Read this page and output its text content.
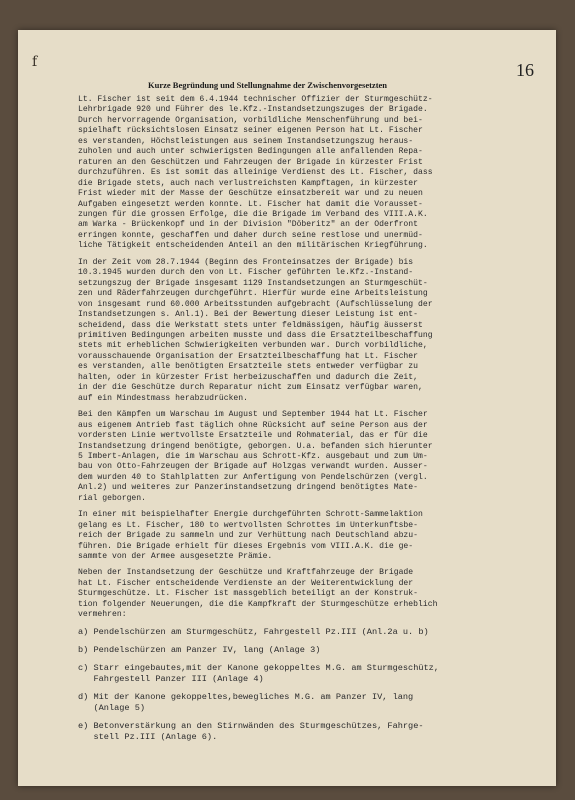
f	16
Kurze Begründung und Stellungnahme der Zwischenvorgesetzten
Lt. Fischer ist seit dem 6.4.1944 technischer Offizier der Sturmgeschütz-
Lehrbrigade 920 und Führer des le.Kfz.-Instandsetzungszuges der Brigade.
Durch hervorragende Organisation, vorbildliche Menschenführung und bei-
spielhaft rücksichtslosen Einsatz seiner eigenen Person hat Lt. Fischer
es verstanden, Höchstleistungen aus seinem Instandsetzungszug heraus-
zuholen und auch unter schwierigsten Bedingungen alle anfallenden Repa-
raturen an den Geschützen und Fahrzeugen der Brigade in kürzester Frist
durchzuführen. Es ist somit das alleinige Verdienst des Lt. Fischer, dass
die Brigade stets, auch nach verlustreichsten Kampftagen, in kürzester
Frist wieder mit der Masse der Geschütze einsatzbereit war und zu neuen
Aufgaben eingesetzt werden konnte. Lt. Fischer hat damit die Vorausset-
zungen für die grossen Erfolge, die die Brigade im Verband des VIII.A.K.
am Warka - Brückenkopf und in der Division "Döberitz" an der Oderfront
erringen konnte, geschaffen und daher durch seine restlose und unermüd-
liche Tätigkeit entscheidenden Anteil an den militärischen Kriegführung.
In der Zeit vom 28.7.1944 (Beginn des Fronteinsatzes der Brigade) bis
10.3.1945 wurden durch den von Lt. Fischer geführten le.Kfz.-Instand-
setzungszug der Brigade insgesamt 1129 Instandsetzungen an Sturmgeschüt-
zen und Räderfahrzeugen durchgeführt. Hierfür wurde eine Arbeitsleistung
von insgesamt rund 60.000 Arbeitsstunden aufgebracht (Aufschlüsselung der
Instandsetzungen s. Anl.1). Bei der Bewertung dieser Leistung ist ent-
scheidend, dass die Werkstatt stets unter feldmässigen, häufig äusserst
primitiven Bedingungen arbeiten musste und dass die Ersatzteilbeschaffung
stets mit erheblichen Schwierigkeiten verbunden war. Durch vorbildliche,
vorausschauende Organisation der Ersatzteilbeschaffung hat Lt. Fischer
es verstanden, alle benötigten Ersatzteile stets entweder verfügbar zu
halten, oder in kürzester Frist herbeizuschaffen und dadurch die Zeit,
in der die Geschütze durch Reparatur nicht zum Einsatz verfügbar waren,
auf ein Mindestmass herabzudrücken.
Bei den Kämpfen um Warschau im August und September 1944 hat Lt. Fischer
aus eigenem Antrieb fast täglich ohne Rücksicht auf seine Person aus der
vordersten Linie wertvollste Ersatzteile und Rohmaterial, das er für die
Instandsetzung dringend benötigte, geborgen. U.a. befanden sich hierunter
5 Imbert-Anlagen, die im Warschau aus Schrott-Kfz. ausgebaut und zum Um-
bau von Otto-Fahrzeugen der Brigade auf Holzgas verwandt wurden. Ausser-
dem wurden 40 to Stahlplatten zur Anfertigung von Pendelschürzen (vergl.
Anl.2) und weiteres zur Panzerinstandsetzung dringend benötigtes Mate-
rial geborgen.
In einer mit beispielhafter Energie durchgeführten Schrott-Sammelaktion
gelang es Lt. Fischer, 180 to wertvollsten Schrottes im Unterkunftsbe-
reich der Brigade zu sammeln und zur Verhüttung nach Deutschland abzu-
führen. Die Brigade erhielt für dieses Ergebnis vom VIII.A.K. die ge-
sammte von der Armee ausgesetzte Prämie.
Neben der Instandsetzung der Geschütze und Kraftfahrzeuge der Brigade
hat Lt. Fischer entscheidende Verdienste an der Weiterentwicklung der
Sturmgeschütze. Lt. Fischer ist massgeblich beteiligt an der Konstruk-
tion folgender Neuerungen, die die Kampfkraft der Sturmgeschütze erheblich
vermehren:
a) Pendelschürzen am Sturmgeschütz, Fahrgestell Pz.III (Anl.2a u. b)
b) Pendelschürzen am Panzer IV, lang (Anlage 3)
c) Starr eingebautes,mit der Kanone gekoppeltes M.G. am Sturmgeschütz,
Fahrgestell Panzer III (Anlage 4)
d) Mit der Kanone gekoppeltes,bewegliches M.G. am Panzer IV, lang
(Anlage 5)
e) Betonverstärkung an den Stirnwänden des Sturmgeschützes, Fahrge-
stell Pz.III (Anlage 6).
